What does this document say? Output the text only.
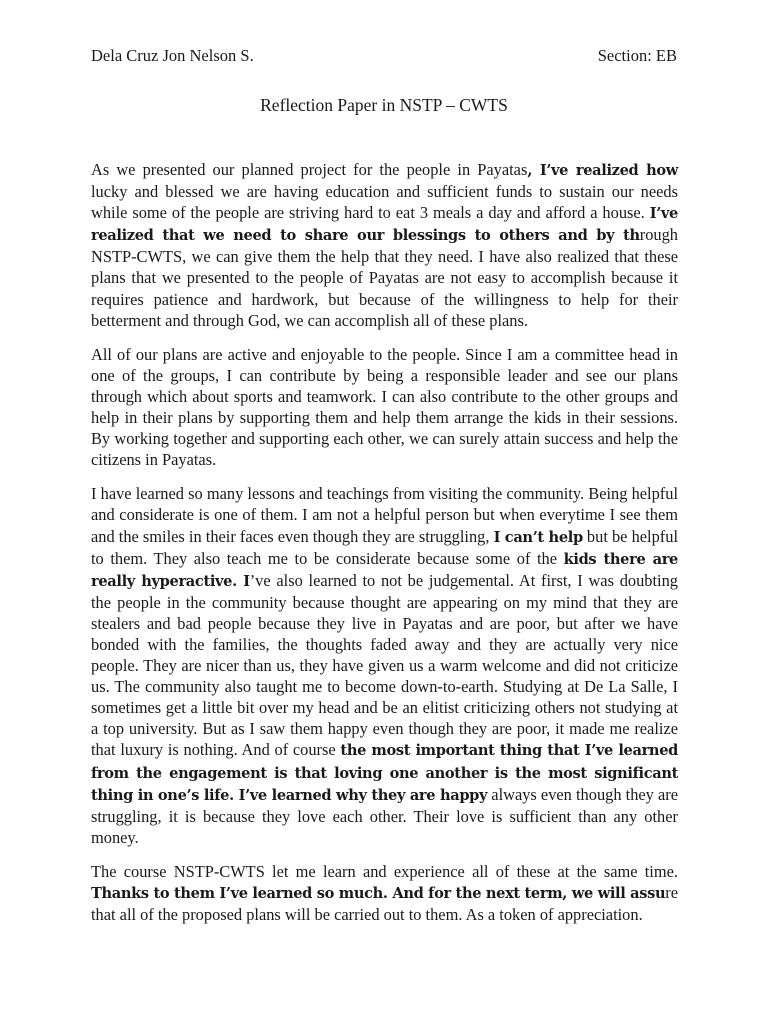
Dela Cruz Jon Nelson S.	Section: EB
Reflection Paper in NSTP – CWTS

As we presented our planned project for the people in Payatas, I’ve realized how lucky and blessed we are having education and sufficient funds to sustain our needs while some of the people are striving hard to eat 3 meals a day and afford a house. I’ve realized that we need to share our blessings to others and by through NSTP-CWTS, we can give them the help that they need. I have also realized that these plans that we presented to the people of Payatas are not easy to accomplish because it requires patience and hardwork, but because of the willingness to help for their betterment and through God, we can accomplish all of these plans.

All of our plans are active and enjoyable to the people. Since I am a committee head in one of the groups, I can contribute by being a responsible leader and see our plans through which about sports and teamwork. I can also contribute to the other groups and help in their plans by supporting them and help them arrange the kids in their sessions. By working together and supporting each other, we can surely attain success and help the citizens in Payatas.

I have learned so many lessons and teachings from visiting the community. Being helpful and considerate is one of them. I am not a helpful person but when everytime I see them and the smiles in their faces even though they are struggling, I can’t help but be helpful to them. They also teach me to be considerate because some of the kids there are really hyperactive. I’ve also learned to not be judgemental. At first, I was doubting the people in the community because thought are appearing on my mind that they are stealers and bad people because they live in Payatas and are poor, but after we have bonded with the families, the thoughts faded away and they are actually very nice people. They are nicer than us, they have given us a warm welcome and did not criticize us. The community also taught me to become down-to-earth. Studying at De La Salle, I sometimes get a little bit over my head and be an elitist criticizing others not studying at a top university. But as I saw them happy even though they are poor, it made me realize that luxury is nothing. And of course the most important thing that I’ve learned from the engagement is that loving one another is the most significant thing in one’s life. I’ve learned why they are happy always even though they are struggling, it is because they love each other. Their love is sufficient than any other money.

The course NSTP-CWTS let me learn and experience all of these at the same time. Thanks to them I’ve learned so much. And for the next term, we will assure that all of the proposed plans will be carried out to them. As a token of appreciation.
